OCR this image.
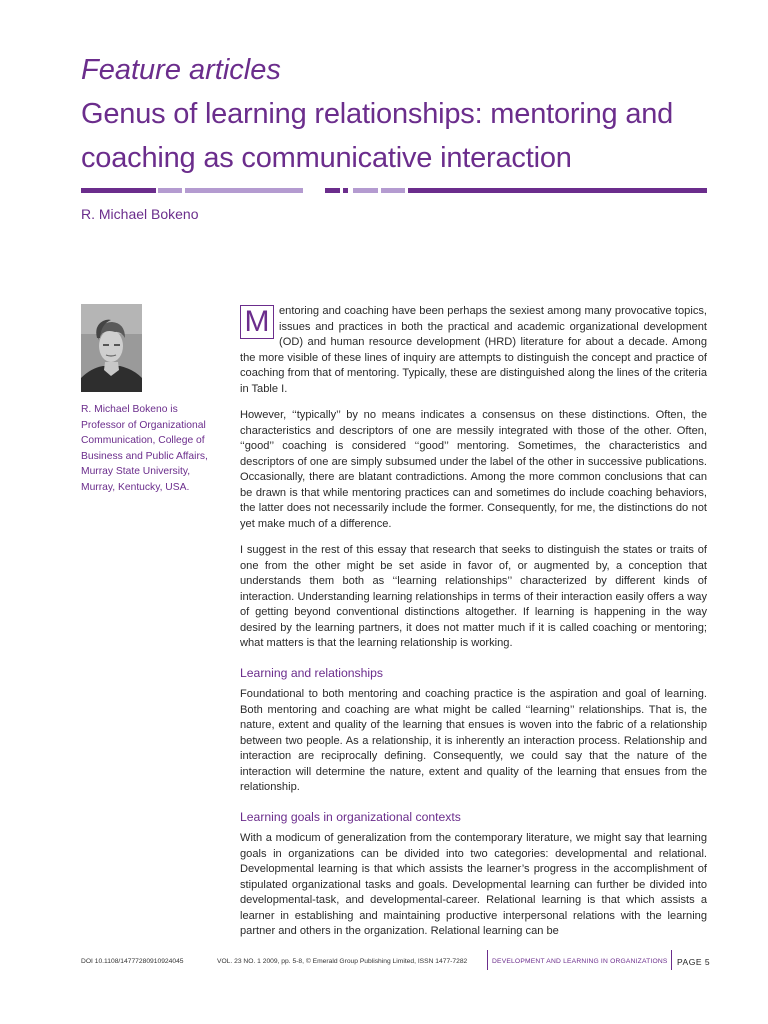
Feature articles
Genus of learning relationships: mentoring and coaching as communicative interaction
R. Michael Bokeno

R. Michael Bokeno is Professor of Organizational Communication, College of Business and Public Affairs, Murray State University, Murray, Kentucky, USA.

M entoring and coaching have been perhaps the sexiest among many provocative topics, issues and practices in both the practical and academic organizational development (OD) and human resource development (HRD) literature for about a decade. Among the more visible of these lines of inquiry are attempts to distinguish the concept and practice of coaching from that of mentoring. Typically, these are distinguished along the lines of the criteria in Table I.

However, ‘‘typically’’ by no means indicates a consensus on these distinctions. Often, the characteristics and descriptors of one are messily integrated with those of the other. Often, ‘‘good’’ coaching is considered ‘‘good’’ mentoring. Sometimes, the characteristics and descriptors of one are simply subsumed under the label of the other in successive publications. Occasionally, there are blatant contradictions. Among the more common conclusions that can be drawn is that while mentoring practices can and sometimes do include coaching behaviors, the latter does not necessarily include the former. Consequently, for me, the distinctions do not yet make much of a difference.

I suggest in the rest of this essay that research that seeks to distinguish the states or traits of one from the other might be set aside in favor of, or augmented by, a conception that understands them both as ‘‘learning relationships’’ characterized by different kinds of interaction. Understanding learning relationships in terms of their interaction easily offers a way of getting beyond conventional distinctions altogether. If learning is happening in the way desired by the learning partners, it does not matter much if it is called coaching or mentoring; what matters is that the learning relationship is working.

Learning and relationships

Foundational to both mentoring and coaching practice is the aspiration and goal of learning. Both mentoring and coaching are what might be called ‘‘learning’’ relationships. That is, the nature, extent and quality of the learning that ensues is woven into the fabric of a relationship between two people. As a relationship, it is inherently an interaction process. Relationship and interaction are reciprocally defining. Consequently, we could say that the nature of the interaction will determine the nature, extent and quality of the learning that ensues from the relationship.

Learning goals in organizational contexts

With a modicum of generalization from the contemporary literature, we might say that learning goals in organizations can be divided into two categories: developmental and relational. Developmental learning is that which assists the learner’s progress in the accomplishment of stipulated organizational tasks and goals. Developmental learning can further be divided into developmental-task, and developmental-career. Relational learning is that which assists a learner in establishing and maintaining productive interpersonal relations with the learning partner and others in the organization. Relational learning can be

DOI 10.1108/14777280910924045	VOL. 23 NO. 1 2009, pp. 5-8, © Emerald Group Publishing Limited, ISSN 1477-7282	DEVELOPMENT AND LEARNING IN ORGANIZATIONS PAGE 5
